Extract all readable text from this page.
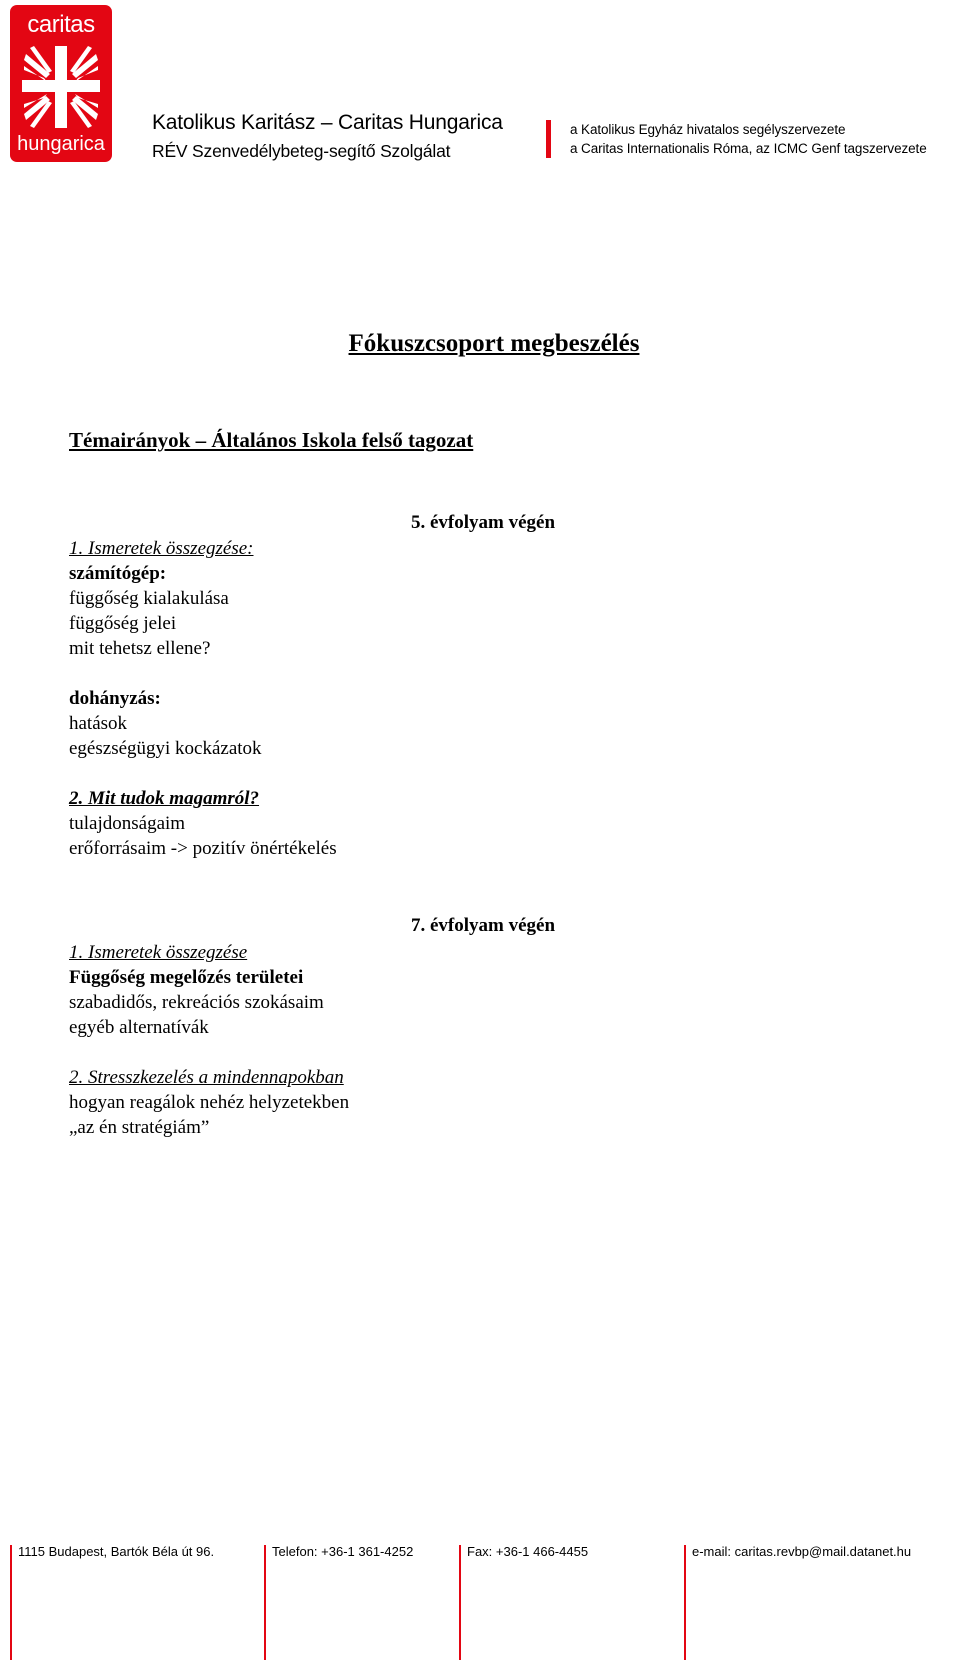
caritas
hungarica
Katolikus Karitász – Caritas Hungarica
RÉV Szenvedélybeteg-segítő Szolgálat
a Katolikus Egyház hivatalos segélyszervezete
a Caritas Internationalis Róma, az ICMC Genf tagszervezete
Fókuszcsoport megbeszélés
Témairányok – Általános Iskola felső tagozat
5. évfolyam végén
1. Ismeretek összegzése:
számítógép:
függőség kialakulása
függőség jelei
mit tehetsz ellene?
dohányzás:
hatások
egészségügyi kockázatok
2. Mit tudok magamról?
tulajdonságaim
erőforrásaim -> pozitív önértékelés
7. évfolyam végén
1. Ismeretek összegzése
Függőség megelőzés területei
szabadidős, rekreációs szokásaim
egyéb alternatívák
2. Stresszkezelés a mindennapokban
hogyan reagálok nehéz helyzetekben
„az én stratégiám”
1115 Budapest, Bartók Béla út 96.	Telefon: +36-1 361-4252	Fax: +36-1 466-4455	e-mail: caritas.revbp@mail.datanet.hu
